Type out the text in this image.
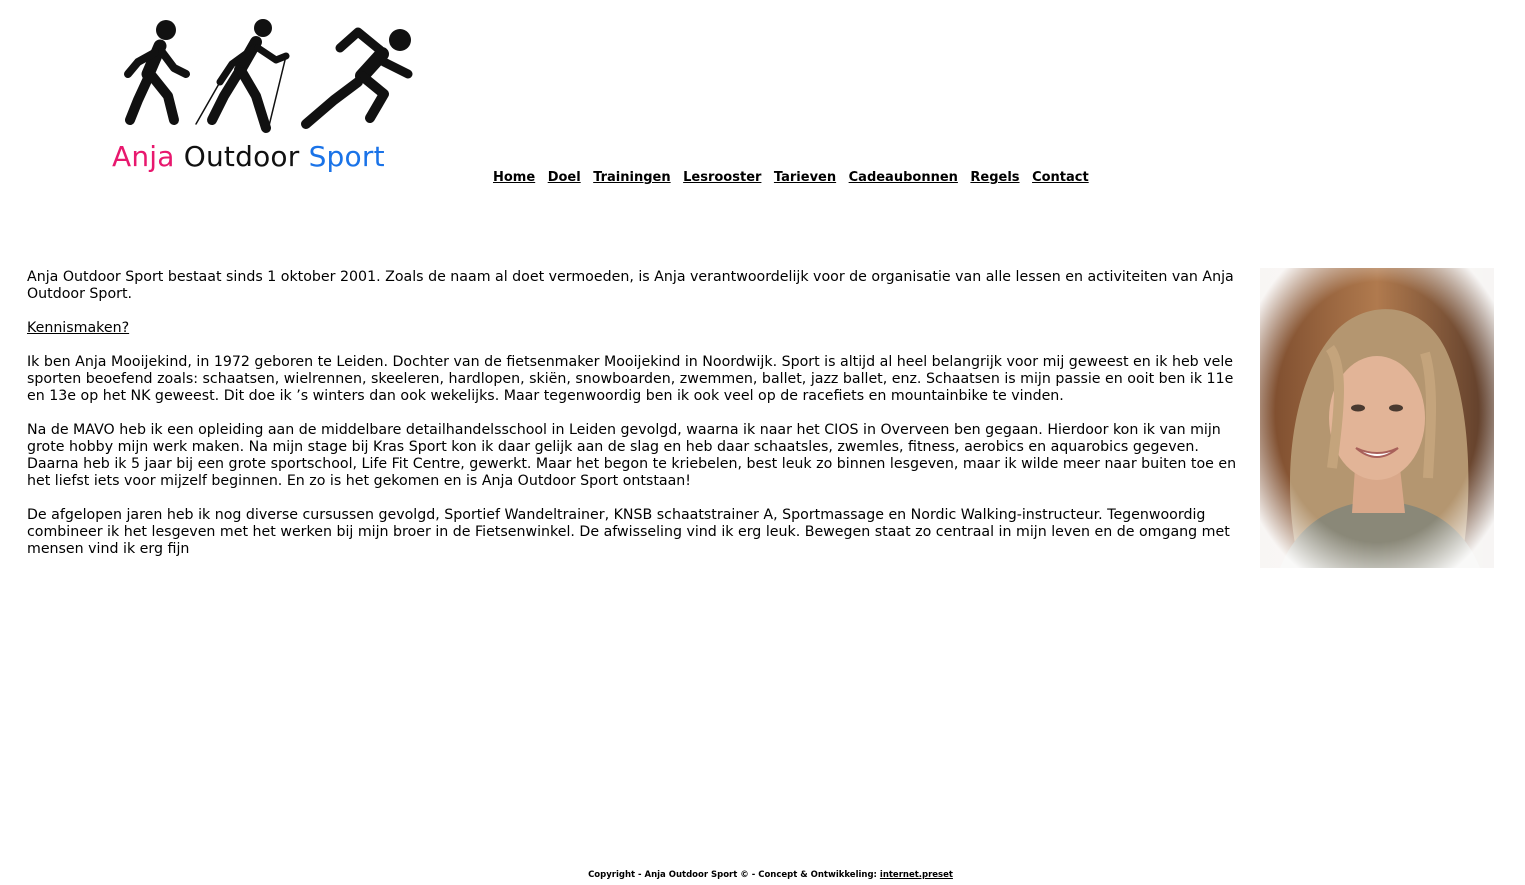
Anja Outdoor Sport
Home Doel Trainingen Lesrooster Tarieven Cadeaubonnen Regels Contact

Anja Outdoor Sport bestaat sinds 1 oktober 2001. Zoals de naam al doet vermoeden, is Anja verantwoordelijk voor de organisatie van alle lessen en activiteiten van Anja Outdoor Sport.

Kennismaken?

Ik ben Anja Mooijekind, in 1972 geboren te Leiden. Dochter van de fietsenmaker Mooijekind in Noordwijk. Sport is altijd al heel belangrijk voor mij geweest en ik heb vele sporten beoefend zoals: schaatsen, wielrennen, skeeleren, hardlopen, skiën, snowboarden, zwemmen, ballet, jazz ballet, enz. Schaatsen is mijn passie en ooit ben ik 11e en 13e op het NK geweest. Dit doe ik ’s winters dan ook wekelijks. Maar tegenwoordig ben ik ook veel op de racefiets en mountainbike te vinden.

Na de MAVO heb ik een opleiding aan de middelbare detailhandelsschool in Leiden gevolgd, waarna ik naar het CIOS in Overveen ben gegaan. Hierdoor kon ik van mijn grote hobby mijn werk maken. Na mijn stage bij Kras Sport kon ik daar gelijk aan de slag en heb daar schaatsles, zwemles, fitness, aerobics en aquarobics gegeven. Daarna heb ik 5 jaar bij een grote sportschool, Life Fit Centre, gewerkt. Maar het begon te kriebelen, best leuk zo binnen lesgeven, maar ik wilde meer naar buiten toe en het liefst iets voor mijzelf beginnen. En zo is het gekomen en is Anja Outdoor Sport ontstaan!

De afgelopen jaren heb ik nog diverse cursussen gevolgd, Sportief Wandeltrainer, KNSB schaatstrainer A, Sportmassage en Nordic Walking-instructeur. Tegenwoordig combineer ik het lesgeven met het werken bij mijn broer in de Fietsenwinkel. De afwisseling vind ik erg leuk. Bewegen staat zo centraal in mijn leven en de omgang met mensen vind ik erg fijn

Copyright - Anja Outdoor Sport © - Concept & Ontwikkeling: internet.preset
